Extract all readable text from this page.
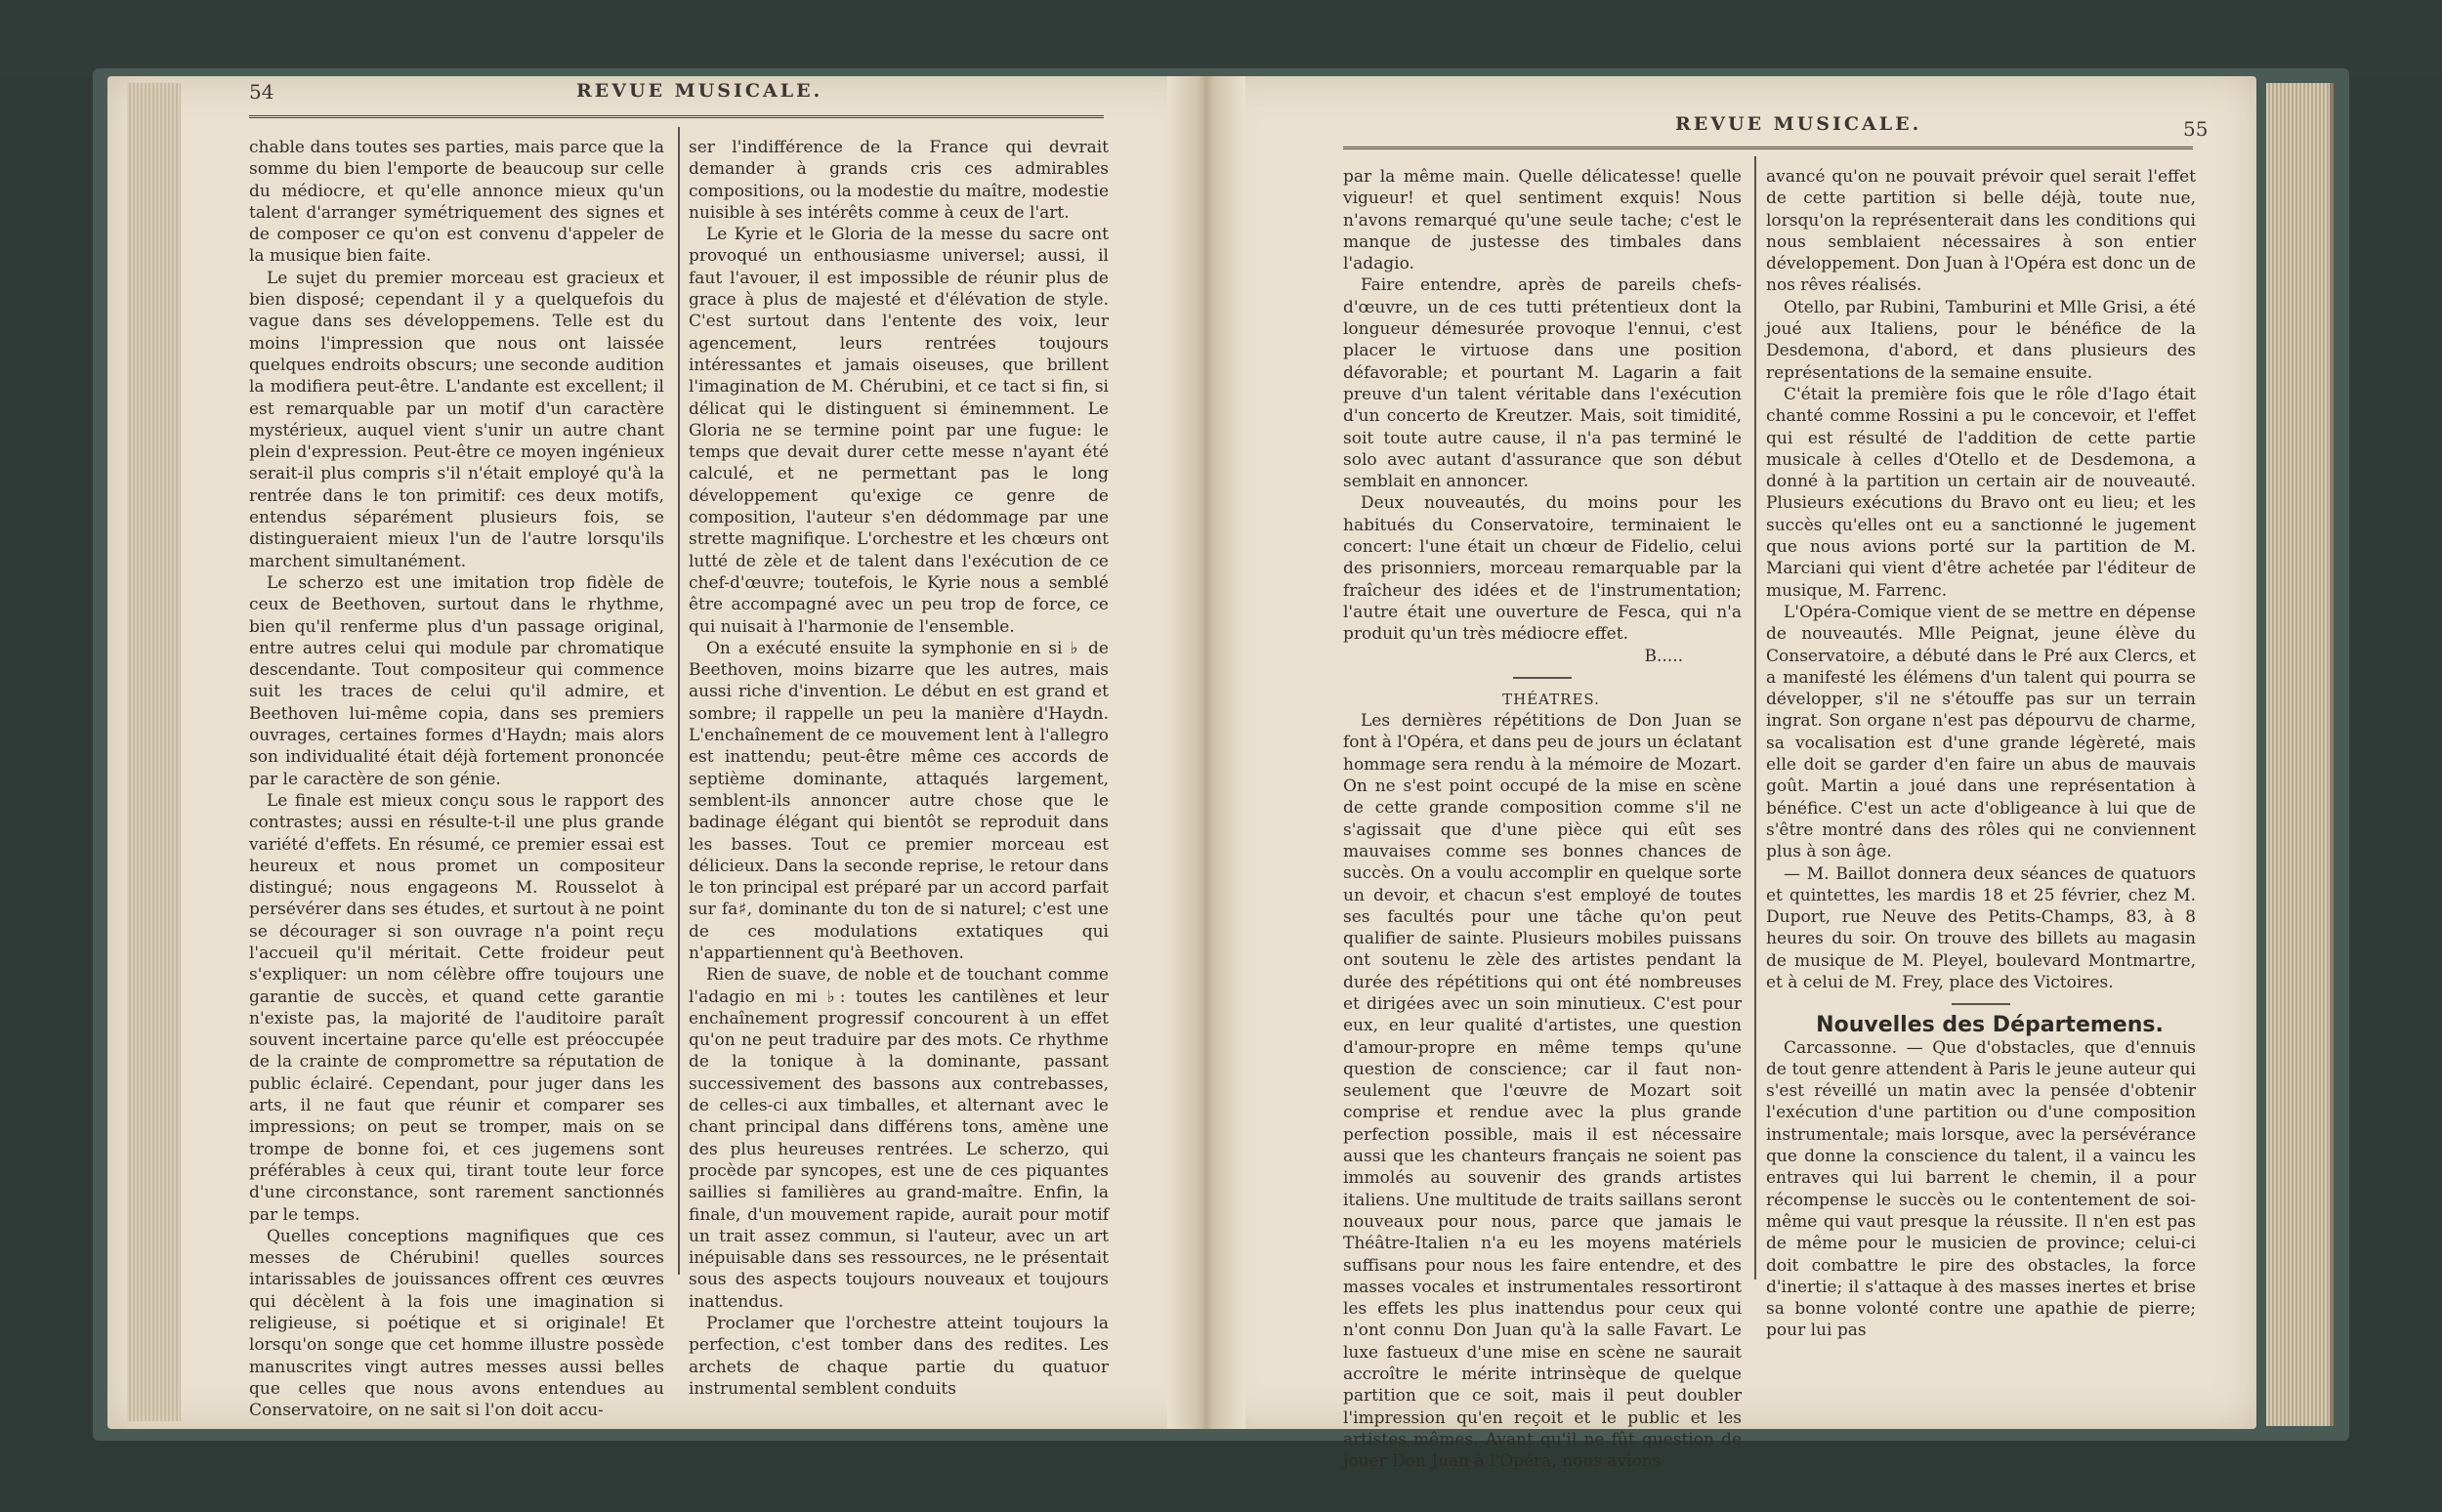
54	REVUE MUSICALE.

chable dans toutes ses parties, mais parce que la somme du bien l'emporte de beaucoup sur celle du médiocre, et qu'elle annonce mieux qu'un talent d'arranger symétriquement des signes et de composer ce qu'on est convenu d'appeler de la musique bien faite.

Le sujet du premier morceau est gracieux et bien disposé; cependant il y a quelquefois du vague dans ses développemens. Telle est du moins l'impression que nous ont laissée quelques endroits obscurs; une seconde audition la modifiera peut-être. L'andante est excellent; il est remarquable par un motif d'un caractère mystérieux, auquel vient s'unir un autre chant plein d'expression. Peut-être ce moyen ingénieux serait-il plus compris s'il n'était employé qu'à la rentrée dans le ton primitif: ces deux motifs, entendus séparément plusieurs fois, se distingueraient mieux l'un de l'autre lorsqu'ils marchent simultanément.

Le scherzo est une imitation trop fidèle de ceux de Beethoven, surtout dans le rhythme, bien qu'il renferme plus d'un passage original, entre autres celui qui module par chromatique descendante. Tout compositeur qui commence suit les traces de celui qu'il admire, et Beethoven lui-même copia, dans ses premiers ouvrages, certaines formes d'Haydn; mais alors son individualité était déjà fortement prononcée par le caractère de son génie.

Le finale est mieux conçu sous le rapport des contrastes; aussi en résulte-t-il une plus grande variété d'effets. En résumé, ce premier essai est heureux et nous promet un compositeur distingué; nous engageons M. Rousselot à persévérer dans ses études, et surtout à ne point se décourager si son ouvrage n'a point reçu l'accueil qu'il méritait. Cette froideur peut s'expliquer: un nom célèbre offre toujours une garantie de succès, et quand cette garantie n'existe pas, la majorité de l'auditoire paraît souvent incertaine parce qu'elle est préoccupée de la crainte de compromettre sa réputation de public éclairé. Cependant, pour juger dans les arts, il ne faut que réunir et comparer ses impressions; on peut se tromper, mais on se trompe de bonne foi, et ces jugemens sont préférables à ceux qui, tirant toute leur force d'une circonstance, sont rarement sanctionnés par le temps.

Quelles conceptions magnifiques que ces messes de Chérubini! quelles sources intarissables de jouissances offrent ces œuvres qui décèlent à la fois une imagination si religieuse, si poétique et si originale! Et lorsqu'on songe que cet homme illustre possède manuscrites vingt autres messes aussi belles que celles que nous avons entendues au Conservatoire, on ne sait si l'on doit accu-

ser l'indifférence de la France qui devrait demander à grands cris ces admirables compositions, ou la modestie du maître, modestie nuisible à ses intérêts comme à ceux de l'art.

Le Kyrie et le Gloria de la messe du sacre ont provoqué un enthousiasme universel; aussi, il faut l'avouer, il est impossible de réunir plus de grace à plus de majesté et d'élévation de style. C'est surtout dans l'entente des voix, leur agencement, leurs rentrées toujours intéressantes et jamais oiseuses, que brillent l'imagination de M. Chérubini, et ce tact si fin, si délicat qui le distinguent si éminemment. Le Gloria ne se termine point par une fugue: le temps que devait durer cette messe n'ayant été calculé, et ne permettant pas le long développement qu'exige ce genre de composition, l'auteur s'en dédommage par une strette magnifique. L'orchestre et les chœurs ont lutté de zèle et de talent dans l'exécution de ce chef-d'œuvre; toutefois, le Kyrie nous a semblé être accompagné avec un peu trop de force, ce qui nuisait à l'harmonie de l'ensemble.

On a exécuté ensuite la symphonie en si ♭ de Beethoven, moins bizarre que les autres, mais aussi riche d'invention. Le début en est grand et sombre; il rappelle un peu la manière d'Haydn. L'enchaînement de ce mouvement lent à l'allegro est inattendu; peut-être même ces accords de septième dominante, attaqués largement, semblent-ils annoncer autre chose que le badinage élégant qui bientôt se reproduit dans les basses. Tout ce premier morceau est délicieux. Dans la seconde reprise, le retour dans le ton principal est préparé par un accord parfait sur fa♯, dominante du ton de si naturel; c'est une de ces modulations extatiques qui n'appartiennent qu'à Beethoven.

Rien de suave, de noble et de touchant comme l'adagio en mi ♭: toutes les cantilènes et leur enchaînement progressif concourent à un effet qu'on ne peut traduire par des mots. Ce rhythme de la tonique à la dominante, passant successivement des bassons aux contrebasses, de celles-ci aux timballes, et alternant avec le chant principal dans différens tons, amène une des plus heureuses rentrées. Le scherzo, qui procède par syncopes, est une de ces piquantes saillies si familières au grand-maître. Enfin, la finale, d'un mouvement rapide, aurait pour motif un trait assez commun, si l'auteur, avec un art inépuisable dans ses ressources, ne le présentait sous des aspects toujours nouveaux et toujours inattendus.

Proclamer que l'orchestre atteint toujours la perfection, c'est tomber dans des redites. Les archets de chaque partie du quatuor instrumental semblent conduits

REVUE MUSICALE.	55

par la même main. Quelle délicatesse! quelle vigueur! et quel sentiment exquis! Nous n'avons remarqué qu'une seule tache; c'est le manque de justesse des timbales dans l'adagio.

Faire entendre, après de pareils chefs-d'œuvre, un de ces tutti prétentieux dont la longueur démesurée provoque l'ennui, c'est placer le virtuose dans une position défavorable; et pourtant M. Lagarin a fait preuve d'un talent véritable dans l'exécution d'un concerto de Kreutzer. Mais, soit timidité, soit toute autre cause, il n'a pas terminé le solo avec autant d'assurance que son début semblait en annoncer.

Deux nouveautés, du moins pour les habitués du Conservatoire, terminaient le concert: l'une était un chœur de Fidelio, celui des prisonniers, morceau remarquable par la fraîcheur des idées et de l'instrumentation; l'autre était une ouverture de Fesca, qui n'a produit qu'un très médiocre effet.

B.....

THÉATRES.

Les dernières répétitions de Don Juan se font à l'Opéra, et dans peu de jours un éclatant hommage sera rendu à la mémoire de Mozart. On ne s'est point occupé de la mise en scène de cette grande composition comme s'il ne s'agissait que d'une pièce qui eût ses mauvaises comme ses bonnes chances de succès. On a voulu accomplir en quelque sorte un devoir, et chacun s'est employé de toutes ses facultés pour une tâche qu'on peut qualifier de sainte. Plusieurs mobiles puissans ont soutenu le zèle des artistes pendant la durée des répétitions qui ont été nombreuses et dirigées avec un soin minutieux. C'est pour eux, en leur qualité d'artistes, une question d'amour-propre en même temps qu'une question de conscience; car il faut non-seulement que l'œuvre de Mozart soit comprise et rendue avec la plus grande perfection possible, mais il est nécessaire aussi que les chanteurs français ne soient pas immolés au souvenir des grands artistes italiens. Une multitude de traits saillans seront nouveaux pour nous, parce que jamais le Théâtre-Italien n'a eu les moyens matériels suffisans pour nous les faire entendre, et des masses vocales et instrumentales ressortiront les effets les plus inattendus pour ceux qui n'ont connu Don Juan qu'à la salle Favart. Le luxe fastueux d'une mise en scène ne saurait accroître le mérite intrinsèque de quelque partition que ce soit, mais il peut doubler l'impression qu'en reçoit et le public et les artistes mêmes. Avant qu'il ne fût question de jouer Don Juan à l'Opéra, nous avions

avancé qu'on ne pouvait prévoir quel serait l'effet de cette partition si belle déjà, toute nue, lorsqu'on la représenterait dans les conditions qui nous semblaient nécessaires à son entier développement. Don Juan à l'Opéra est donc un de nos rêves réalisés.

Otello, par Rubini, Tamburini et Mlle Grisi, a été joué aux Italiens, pour le bénéfice de la Desdemona, d'abord, et dans plusieurs des représentations de la semaine ensuite.

C'était la première fois que le rôle d'Iago était chanté comme Rossini a pu le concevoir, et l'effet qui est résulté de l'addition de cette partie musicale à celles d'Otello et de Desdemona, a donné à la partition un certain air de nouveauté. Plusieurs exécutions du Bravo ont eu lieu; et les succès qu'elles ont eu a sanctionné le jugement que nous avions porté sur la partition de M. Marciani qui vient d'être achetée par l'éditeur de musique, M. Farrenc.

L'Opéra-Comique vient de se mettre en dépense de nouveautés. Mlle Peignat, jeune élève du Conservatoire, a débuté dans le Pré aux Clercs, et a manifesté les élémens d'un talent qui pourra se développer, s'il ne s'étouffe pas sur un terrain ingrat. Son organe n'est pas dépourvu de charme, sa vocalisation est d'une grande légèreté, mais elle doit se garder d'en faire un abus de mauvais goût. Martin a joué dans une représentation à bénéfice. C'est un acte d'obligeance à lui que de s'être montré dans des rôles qui ne conviennent plus à son âge.

— M. Baillot donnera deux séances de quatuors et quintettes, les mardis 18 et 25 février, chez M. Duport, rue Neuve des Petits-Champs, 83, à 8 heures du soir. On trouve des billets au magasin de musique de M. Pleyel, boulevard Montmartre, et à celui de M. Frey, place des Victoires.

Nouvelles des Départemens.

Carcassonne. — Que d'obstacles, que d'ennuis de tout genre attendent à Paris le jeune auteur qui s'est réveillé un matin avec la pensée d'obtenir l'exécution d'une partition ou d'une composition instrumentale; mais lorsque, avec la persévérance que donne la conscience du talent, il a vaincu les entraves qui lui barrent le chemin, il a pour récompense le succès ou le contentement de soi-même qui vaut presque la réussite. Il n'en est pas de même pour le musicien de province; celui-ci doit combattre le pire des obstacles, la force d'inertie; il s'attaque à des masses inertes et brise sa bonne volonté contre une apathie de pierre; pour lui pas
